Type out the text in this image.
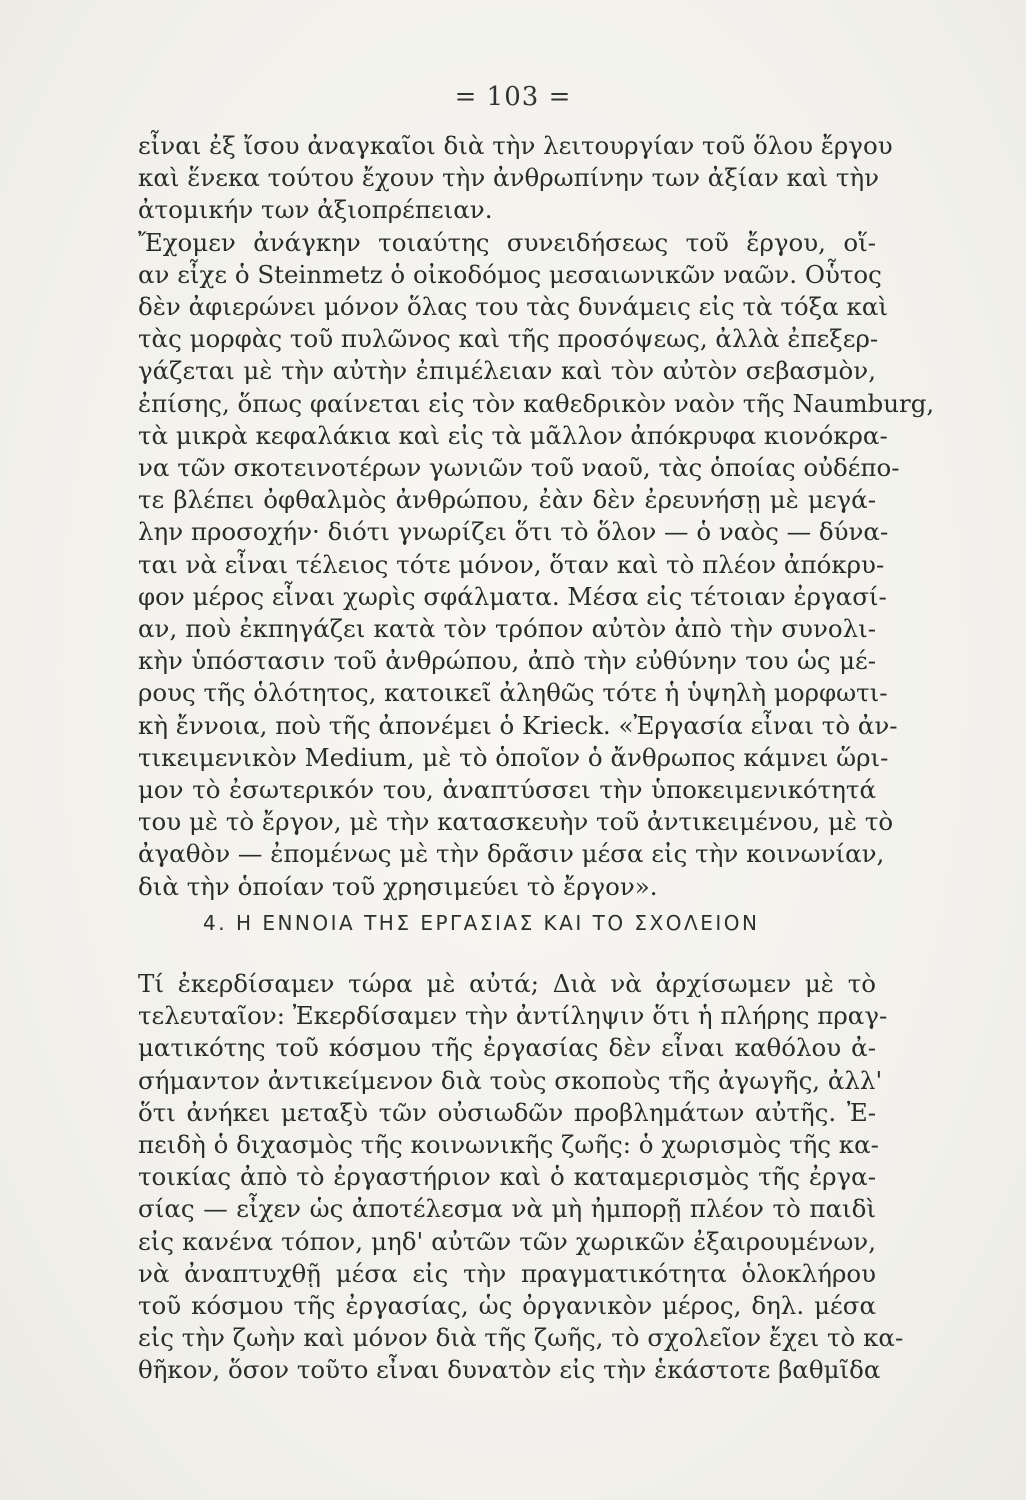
= 103 =
εἶναι ἐξ ἴσου ἀναγκαῖοι διὰ τὴν λειτουργίαν τοῦ ὅλου ἔργου
καὶ ἕνεκα τούτου ἔχουν τὴν ἀνθρωπίνην των ἀξίαν καὶ τὴν
ἀτομικήν των ἀξιοπρέπειαν.
Ἔχομεν ἀνάγκην τοιαύτης συνειδήσεως τοῦ ἔργου, οἵ-
αν εἶχε ὁ Steinmetz ὁ οἰκοδόμος μεσαιωνικῶν ναῶν. Οὗτος
δὲν ἀφιερώνει μόνον ὅλας του τὰς δυνάμεις εἰς τὰ τόξα καὶ
τὰς μορφὰς τοῦ πυλῶνος καὶ τῆς προσόψεως, ἀλλὰ ἐπεξερ-
γάζεται μὲ τὴν αὐτὴν ἐπιμέλειαν καὶ τὸν αὐτὸν σεβασμὸν,
ἐπίσης, ὅπως φαίνεται εἰς τὸν καθεδρικὸν ναὸν τῆς Naumburg,
τὰ μικρὰ κεφαλάκια καὶ εἰς τὰ μᾶλλον ἀπόκρυφα κιονόκρα-
να τῶν σκοτεινοτέρων γωνιῶν τοῦ ναοῦ, τὰς ὁποίας οὐδέπο-
τε βλέπει ὀφθαλμὸς ἀνθρώπου, ἐὰν δὲν ἐρευνήσῃ μὲ μεγά-
λην προσοχήν· διότι γνωρίζει ὅτι τὸ ὅλον — ὁ ναὸς — δύνα-
ται νὰ εἶναι τέλειος τότε μόνον, ὅταν καὶ τὸ πλέον ἀπόκρυ-
φον μέρος εἶναι χωρὶς σφάλματα. Μέσα εἰς τέτοιαν ἐργασί-
αν, ποὺ ἐκπηγάζει κατὰ τὸν τρόπον αὐτὸν ἀπὸ τὴν συνολι-
κὴν ὑπόστασιν τοῦ ἀνθρώπου, ἀπὸ τὴν εὐθύνην του ὡς μέ-
ρους τῆς ὁλότητος, κατοικεῖ ἀληθῶς τότε ἡ ὑψηλὴ μορφωτι-
κὴ ἔννοια, ποὺ τῆς ἀπονέμει ὁ Krieck. «Ἐργασία εἶναι τὸ ἀν-
τικειμενικὸν Medium, μὲ τὸ ὁποῖον ὁ ἄνθρωπος κάμνει ὥρι-
μον τὸ ἐσωτερικόν του, ἀναπτύσσει τὴν ὑποκειμενικότητά
του μὲ τὸ ἔργον, μὲ τὴν κατασκευὴν τοῦ ἀντικειμένου, μὲ τὸ
ἀγαθὸν — ἐπομένως μὲ τὴν δρᾶσιν μέσα εἰς τὴν κοινωνίαν,
διὰ τὴν ὁποίαν τοῦ χρησιμεύει τὸ ἔργον».
4. Η ΕΝΝΟΙΑ ΤΗΣ ΕΡΓΑΣΙΑΣ ΚΑΙ ΤΟ ΣΧΟΛΕΙΟΝ
Τί ἐκερδίσαμεν τώρα μὲ αὐτά; Διὰ νὰ ἀρχίσωμεν μὲ τὸ
τελευταῖον: Ἐκερδίσαμεν τὴν ἀντίληψιν ὅτι ἡ πλήρης πραγ-
ματικότης τοῦ κόσμου τῆς ἐργασίας δὲν εἶναι καθόλου ἀ-
σήμαντον ἀντικείμενον διὰ τοὺς σκοποὺς τῆς ἀγωγῆς, ἀλλ'
ὅτι ἀνήκει μεταξὺ τῶν οὐσιωδῶν προβλημάτων αὐτῆς. Ἐ-
πειδὴ ὁ διχασμὸς τῆς κοινωνικῆς ζωῆς: ὁ χωρισμὸς τῆς κα-
τοικίας ἀπὸ τὸ ἐργαστήριον καὶ ὁ καταμερισμὸς τῆς ἐργα-
σίας — εἶχεν ὡς ἀποτέλεσμα νὰ μὴ ἠμπορῇ πλέον τὸ παιδὶ
εἰς κανένα τόπον, μηδ' αὐτῶν τῶν χωρικῶν ἐξαιρουμένων,
νὰ ἀναπτυχθῇ μέσα εἰς τὴν πραγματικότητα ὁλοκλήρου
τοῦ κόσμου τῆς ἐργασίας, ὡς ὀργανικὸν μέρος, δηλ. μέσα
εἰς τὴν ζωὴν καὶ μόνον διὰ τῆς ζωῆς, τὸ σχολεῖον ἔχει τὸ κα-
θῆκον, ὅσον τοῦτο εἶναι δυνατὸν εἰς τὴν ἑκάστοτε βαθμῖδα
